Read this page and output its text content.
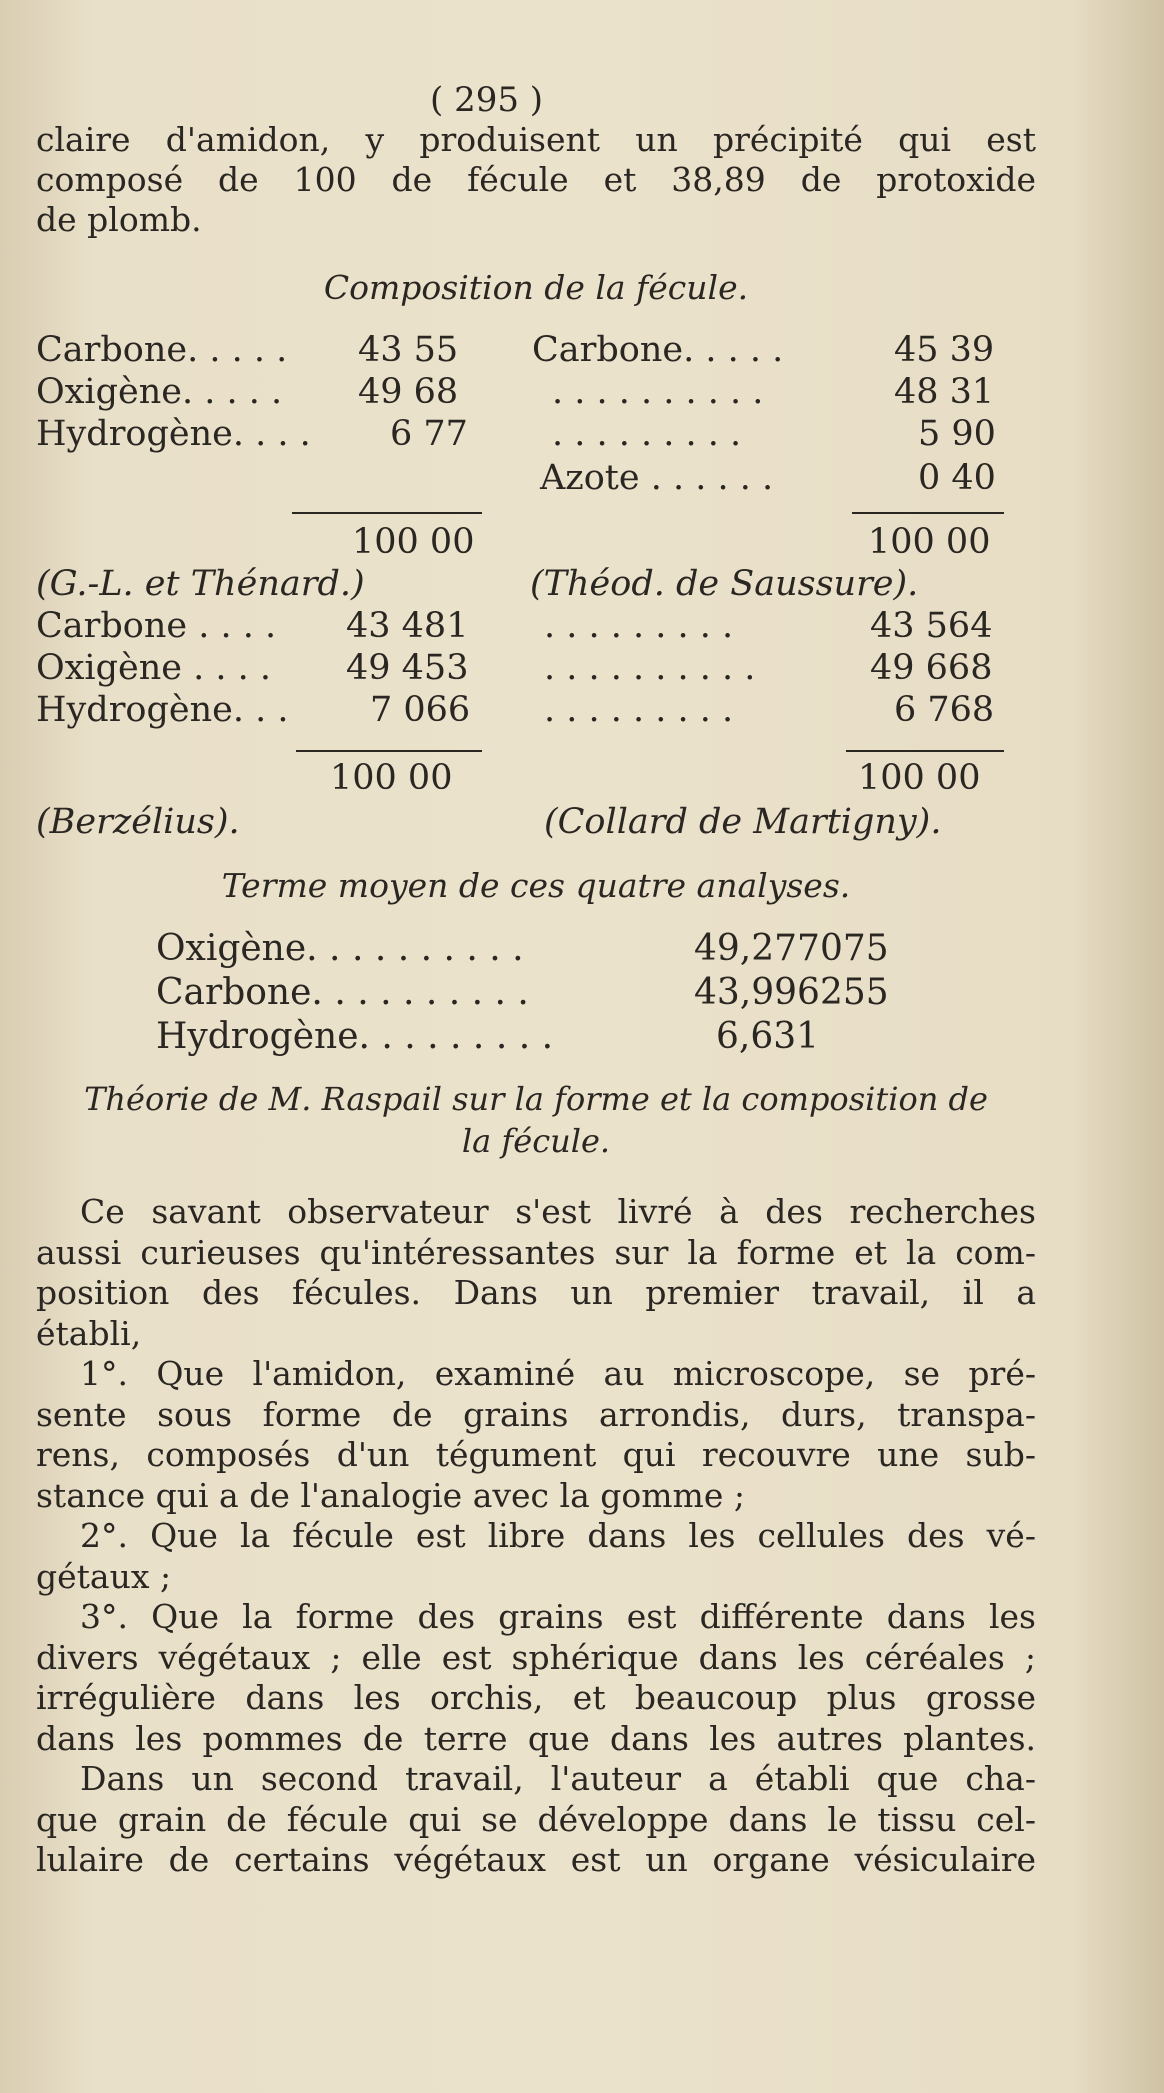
( 295 )
claire d'amidon, y produisent un précipité qui est
composé de 100 de fécule et 38,89 de protoxide
de plomb.
Composition de la fécule.
Carbone. . . . . 43 55
Oxigène. . . . . 49 68
Hydrogène. . . . 6 77
100 00
(G.-L. et Thénard.)
Carbone. . . . .	45 39
. . . . . . . . . .	48 31
. . . . . . . . .	5 90
Azote . . . . . .	0 40
100 00
(Théod. de Saussure).
Carbone . . . . 43 481
Oxigène . . . . 49 453
Hydrogène. . . 7 066
100 00
(Berzélius).
. . . . . . . . .	43 564
. . . . . . . . . .	49 668
. . . . . . . . .	6 768
100 00
(Collard de Martigny).
Terme moyen de ces quatre analyses.
Oxigène. . . . . . . . . .	49,277075
Carbone. . . . . . . . . .	43,996255
Hydrogène. . . . . . . . .	6,631
Théorie de M. Raspail sur la forme et la composition de
la fécule.
Ce savant observateur s'est livré à des recherches
aussi curieuses qu'intéressantes sur la forme et la com-
position des fécules. Dans un premier travail, il a
établi,
1°. Que l'amidon, examiné au microscope, se pré-
sente sous forme de grains arrondis, durs, transpa-
rens, composés d'un tégument qui recouvre une sub-
stance qui a de l'analogie avec la gomme ;
2°. Que la fécule est libre dans les cellules des vé-
gétaux ;
3°. Que la forme des grains est différente dans les
divers végétaux ; elle est sphérique dans les céréales ;
irrégulière dans les orchis, et beaucoup plus grosse
dans les pommes de terre que dans les autres plantes.
Dans un second travail, l'auteur a établi que cha-
que grain de fécule qui se développe dans le tissu cel-
lulaire de certains végétaux est un organe vésiculaire
